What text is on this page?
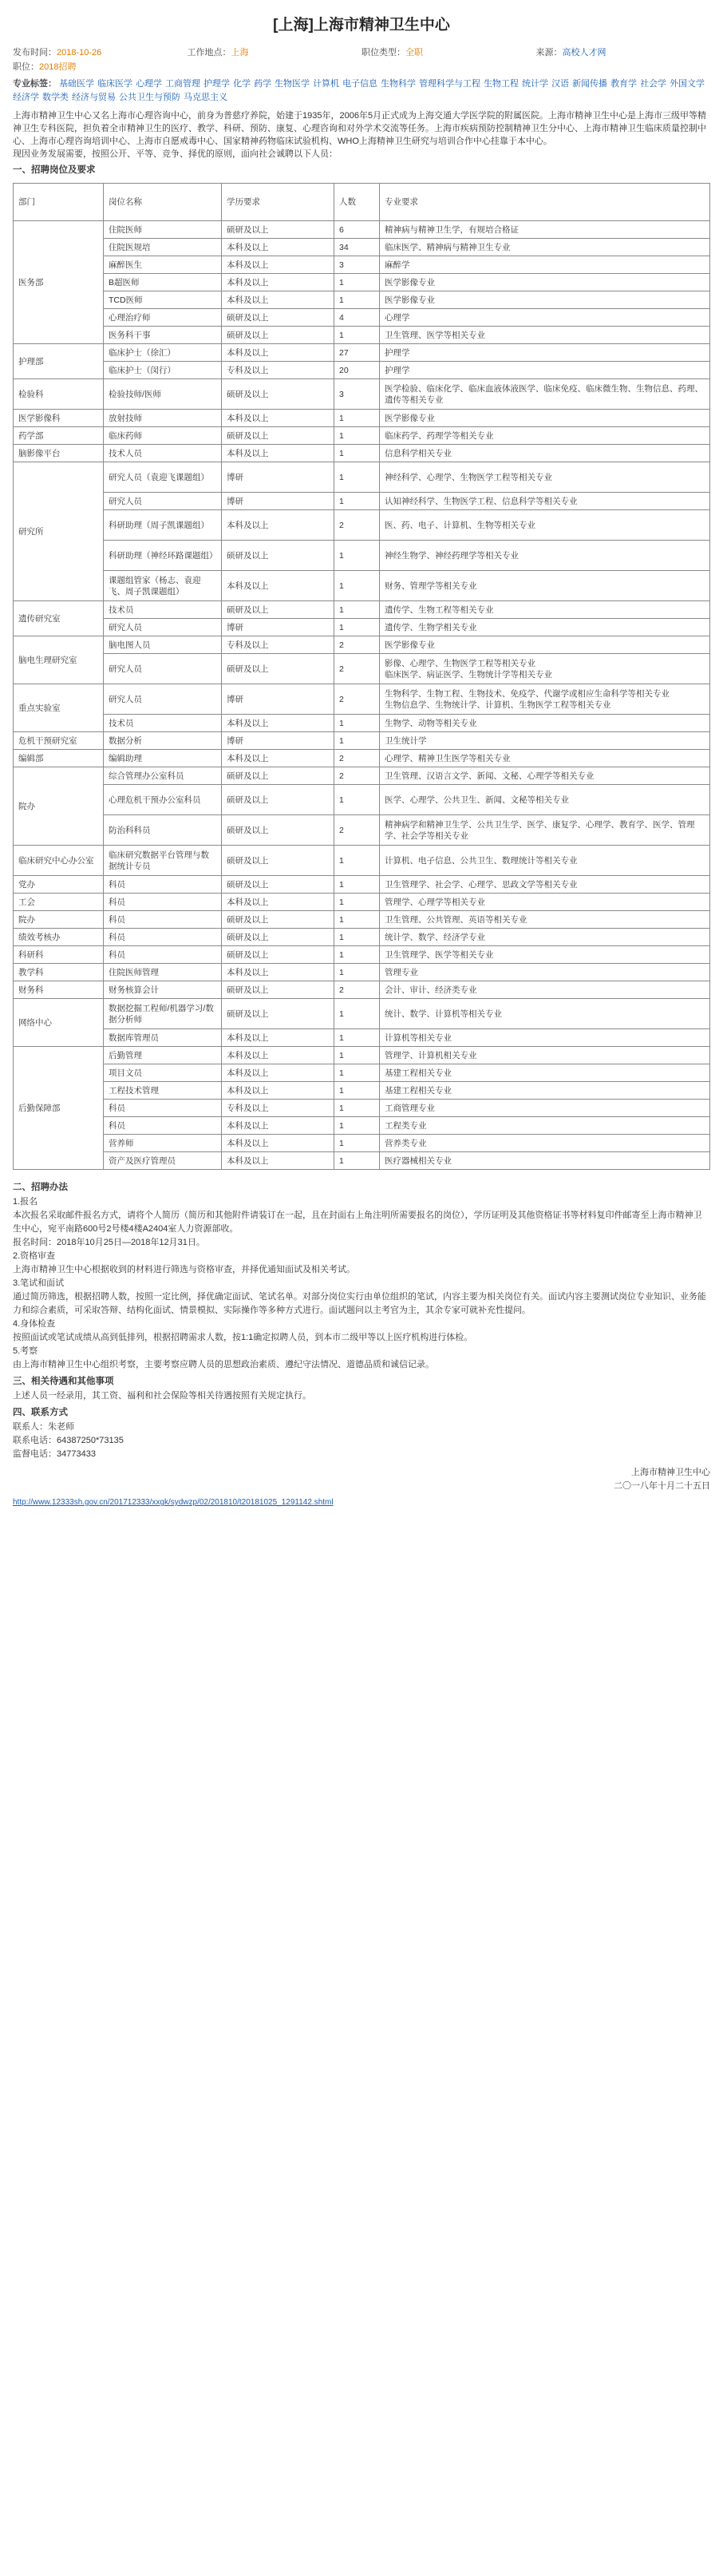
[上海]上海市精神卫生中心
发布时间：2018-10-26	工作地点：上海	职位类型：全职	来源：高校人才网
职位：2018招聘
专业标签： 基础医学 临床医学 心理学 工商管理 护理学 化学 药学 生物医学 计算机 电子信息 生物科学 管理科学与工程 生物工程 统计学 汉语 新闻传播 教育学 社会学 外国文学经济学 数学类 经济与贸易 公共卫生与预防 马克思主义

上海市精神卫生中心又名上海市心理咨询中心，前身为普慈疗养院，始建于1935年，2006年5月正式成为上海交通大学医学院的附属医院。上海市精神卫生中心是上海市三级甲等精神卫生专科医院，担负着全市精神卫生的医疗、教学、科研、预防、康复、心理咨询和对外学术交流等任务。上海市疾病预防控制精神卫生分中心、上海市精神卫生临床质量控制中心、上海市心理咨询培训中心、上海市自愿戒毒中心、国家精神药物临床试验机构、WHO上海精神卫生研究与培训合作中心挂靠于本中心。

现因业务发展需要，按照公开、平等、竞争、择优的原则，面向社会诚聘以下人员：

一、招聘岗位及要求
部门	岗位名称	学历要求	人数	专业要求
医务部	住院医师	硕研及以上	6	精神病与精神卫生学，有规培合格证
	住院医规培	本科及以上	34	临床医学、精神病与精神卫生专业
	麻醉医生	本科及以上	3	麻醉学
	B超医师	本科及以上	1	医学影像专业
	TCD医师	本科及以上	1	医学影像专业
	心理治疗师	硕研及以上	4	心理学
	医务科干事	硕研及以上	1	卫生管理、医学等相关专业
护理部	临床护士（徐汇）	本科及以上	27	护理学
	临床护士（闵行）	专科及以上	20	护理学
检验科	检验技师/医师	硕研及以上	3	医学检验、临床化学、临床血液体液医学、临床免疫、临床微生物、生物信息、药理、遗传等相关专业
医学影像科	放射技师	本科及以上	1	医学影像专业
药学部	临床药师	硕研及以上	1	临床药学、药理学等相关专业
脑影像平台	技术人员	本科及以上	1	信息科学相关专业
研究所	研究人员（袁迎飞课题组）	博研	1	神经科学、心理学、生物医学工程等相关专业
	研究人员	博研	1	认知神经科学、生物医学工程、信息科学等相关专业
	科研助理（周子凯课题组）	本科及以上	2	医、药、电子、计算机、生物等相关专业
	科研助理（神经环路课题组）	硕研及以上	1	神经生物学、神经药理学等相关专业
	课题组管家（杨志、袁迎飞、周子凯课题组）	本科及以上	1	财务、管理学等相关专业
遗传研究室	技术员	硕研及以上	1	遗传学、生物工程等相关专业
	研究人员	博研	1	遗传学、生物学相关专业
脑电生理研究室	脑电图人员	专科及以上	2	医学影像专业
	研究人员	硕研及以上	2	影像、心理学、生物医学工程等相关专业
临床医学、病证医学、生物统计学等相关专业
重点实验室	研究人员	博研	2	生物科学、生物工程、生物技术、免疫学、代谢学或相应生命科学等相关专业
生物信息学、生物统计学、计算机、生物医学工程等相关专业
	技术员	本科及以上	1	生物学、动物等相关专业
危机干预研究室	数据分析	博研	1	卫生统计学
编辑部	编辑助理	本科及以上	2	心理学、精神卫生医学等相关专业
院办	综合管理办公室科员	硕研及以上	2	卫生管理、汉语言文学、新闻、文秘、心理学等相关专业
	心理危机干预办公室科员	硕研及以上	1	医学、心理学、公共卫生、新闻、文秘等相关专业
	防治科科员	硕研及以上	2	精神病学和精神卫生学、公共卫生学、医学、康复学、心理学、教育学、医学、管理学、社会学等相关专业
临床研究中心办公室	临床研究数据平台管理与数据统计专员	硕研及以上	1	计算机、电子信息、公共卫生、数理统计等相关专业
党办	科员	硕研及以上	1	卫生管理学、社会学、心理学、思政文学等相关专业
工会	科员	本科及以上	1	管理学、心理学等相关专业
院办	科员	硕研及以上	1	卫生管理、公共管理、英语等相关专业
绩效考核办	科员	硕研及以上	1	统计学、数学、经济学专业
科研科	科员	硕研及以上	1	卫生管理学、医学等相关专业
教学科	住院医师管理	本科及以上	1	管理专业
财务科	财务核算会计	硕研及以上	2	会计、审计、经济类专业
网络中心	数据挖掘工程师/机器学习/数据分析师	硕研及以上	1	统计、数学、计算机等相关专业
	数据库管理员	本科及以上	1	计算机等相关专业
后勤保障部	后勤管理	本科及以上	1	管理学、计算机相关专业
	项目文员	本科及以上	1	基建工程相关专业
	工程技术管理	本科及以上	1	基建工程相关专业
	科员	专科及以上	1	工商管理专业
	科员	本科及以上	1	工程类专业
	营养师	本科及以上	1	营养类专业
	资产及医疗管理员	本科及以上	1	医疗器械相关专业
二、招聘办法

1.报名

本次报名采取邮件报名方式，请将个人简历（简历和其他附件请装订在一起，且在封面右上角注明所需要报名的岗位），学历证明及其他资格证书等材料复印件邮寄至上海市精神卫生中心，宛平南路600号2号楼4楼A2404室人力资源部收。

报名时间：2018年10月25日—2018年12月31日。

2.资格审查

上海市精神卫生中心根据收到的材料进行筛选与资格审查，并择优通知面试及相关考试。

3.笔试和面试

通过简历筛选，根据招聘人数，按照一定比例，择优确定面试、笔试名单。对部分岗位实行由单位组织的笔试，内容主要为相关岗位有关。面试内容主要测试岗位专业知识、业务能力和综合素质，可采取答辩、结构化面试、情景模拟、实际操作等多种方式进行。面试题问以主考官为主，其余专家可就补充性提问。

4.身体检查

按照面试或笔试成绩从高到低排列，根据招聘需求人数，按1:1确定拟聘人员，到本市二级甲等以上医疗机构进行体检。

5.考察

由上海市精神卫生中心组织考察，主要考察应聘人员的思想政治素质、遵纪守法情况、道德品质和诚信记录。

三、相关待遇和其他事项

上述人员一经录用，其工资、福利和社会保险等相关待遇按照有关规定执行。

四、联系方式

联系人：朱老师

联系电话：64387250*73135

监督电话：34773433

上海市精神卫生中心
二〇一八年十月二十五日
http://www.12333sh.gov.cn/201712333/xxgk/sydwzp/02/201810/t20181025_1291142.shtml
